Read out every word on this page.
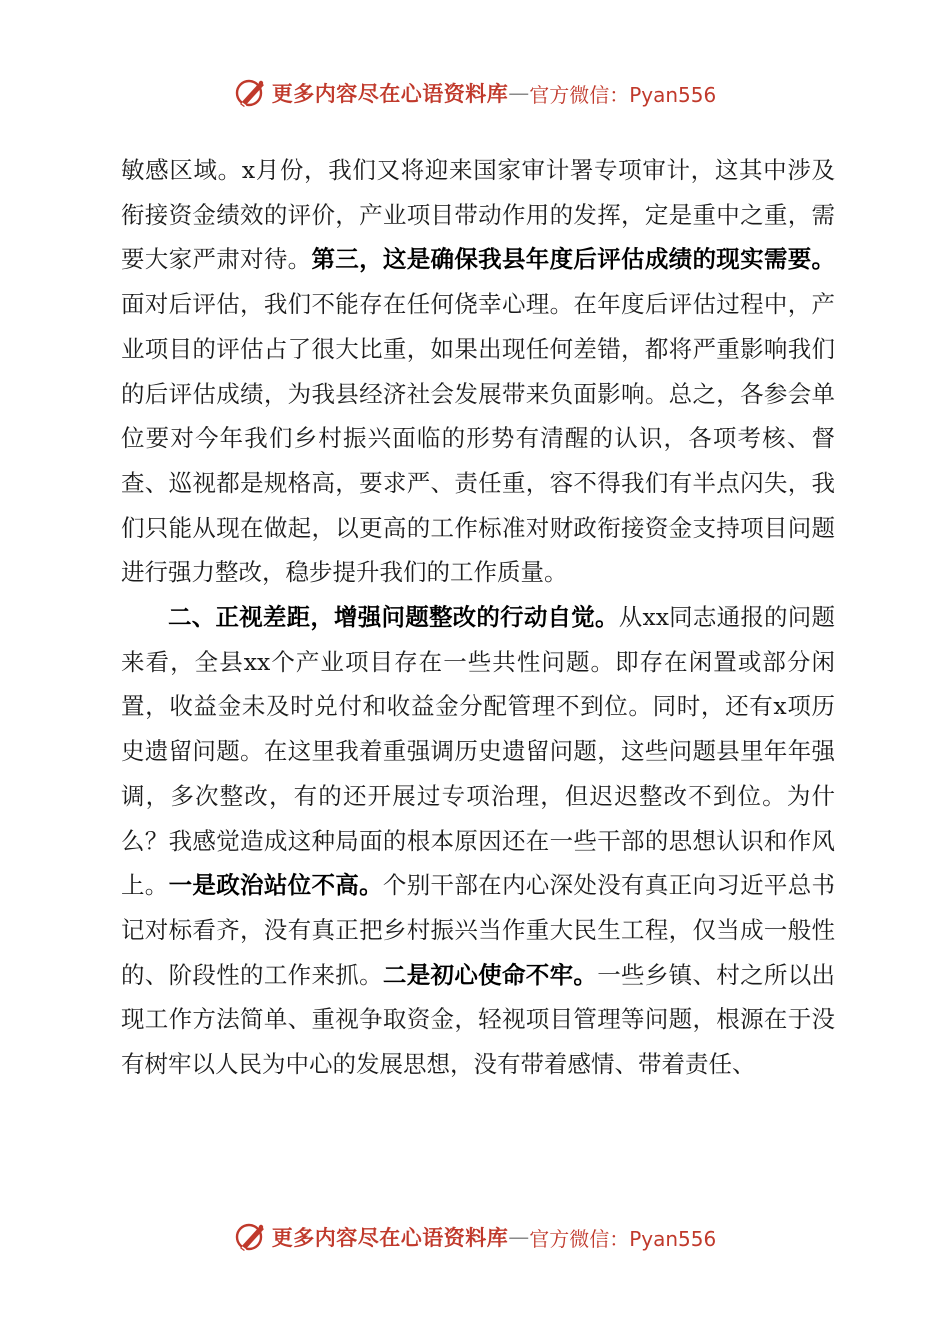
更多内容尽在心语资料库 — 官方微信：Pyan556

敏感区域。x月份，我们又将迎来国家审计署专项审计，这其中涉及衔接资金绩效的评价，产业项目带动作用的发挥，定是重中之重，需要大家严肃对待。第三，这是确保我县年度后评估成绩的现实需要。面对后评估，我们不能存在任何侥幸心理。在年度后评估过程中，产业项目的评估占了很大比重，如果出现任何差错，都将严重影响我们的后评估成绩，为我县经济社会发展带来负面影响。总之，各参会单位要对今年我们乡村振兴面临的形势有清醒的认识，各项考核、督查、巡视都是规格高，要求严、责任重，容不得我们有半点闪失，我们只能从现在做起，以更高的工作标准对财政衔接资金支持项目问题进行强力整改，稳步提升我们的工作质量。

二、正视差距，增强问题整改的行动自觉。从xx同志通报的问题来看，全县xx个产业项目存在一些共性问题。即存在闲置或部分闲置，收益金未及时兑付和收益金分配管理不到位。同时，还有x项历史遗留问题。在这里我着重强调历史遗留问题，这些问题县里年年强调，多次整改，有的还开展过专项治理，但迟迟整改不到位。为什么？我感觉造成这种局面的根本原因还在一些干部的思想认识和作风上。一是政治站位不高。个别干部在内心深处没有真正向习近平总书记对标看齐，没有真正把乡村振兴当作重大民生工程，仅当成一般性的、阶段性的工作来抓。二是初心使命不牢。一些乡镇、村之所以出现工作方法简单、重视争取资金，轻视项目管理等问题，根源在于没有树牢以人民为中心的发展思想，没有带着感情、带着责任、

更多内容尽在心语资料库 — 官方微信：Pyan556
